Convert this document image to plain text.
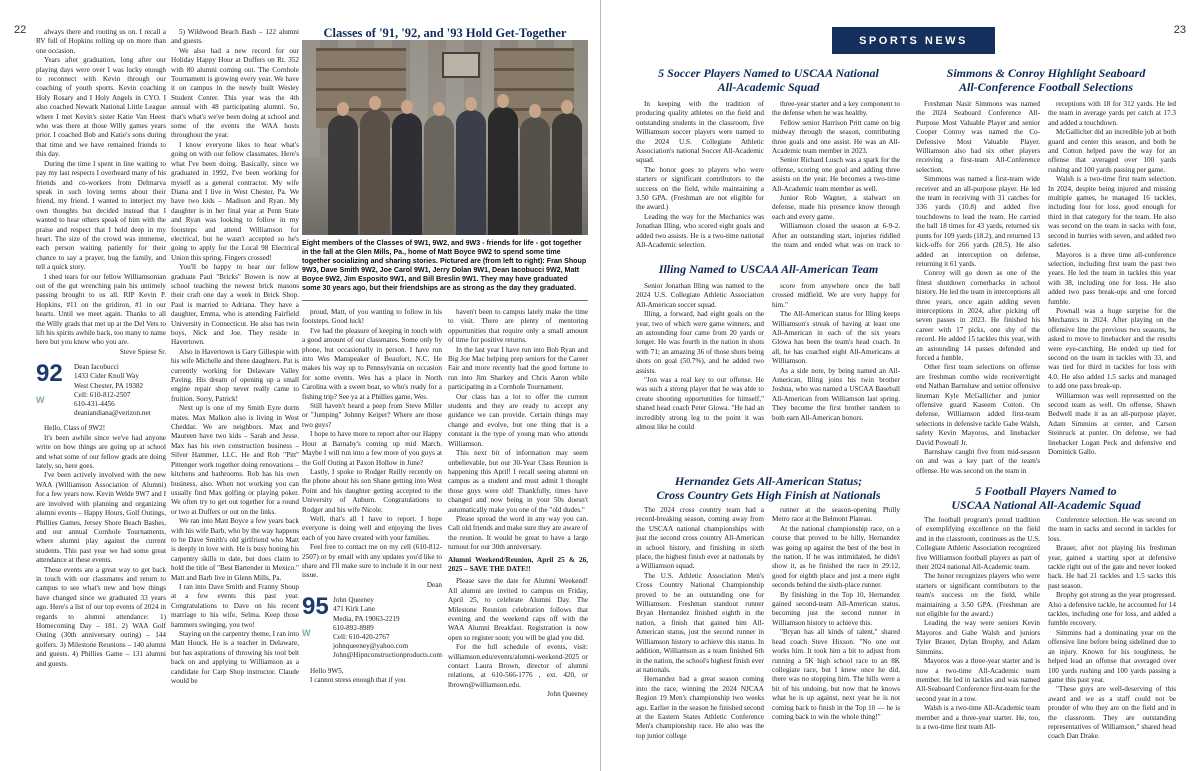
22	always there and rooting us on. I recall a RV full of Hopkins rolling up on more than one occasion.

Years after graduation, long after our playing days were over I was lucky enough to reconnect with Kevin through our coaching of youth sports. Kevin coaching Holy Rosary and I Holy Angels in CYO. I also coached Newark National Little League where I met Kevin's sister Katie Van Heest who was there at those Willy games years prior. I coached Bob and Katie's sons during that time and we have remained friends to this day.

During the time I spent in line waiting to pay my last respects I overheard many of his friends and co-workers from Delmarva speak in such loving terms about their friend, my friend. I wanted to interject my own thoughts but decided instead that I wanted to hear others speak of him with the praise and respect that I hold deep in my heart. The size of the crowd was immense, each person waiting patiently for their chance to say a prayer, hug the family, and tell a quick story.

I shed tears for our fellow Williamsonian out of the gut wrenching pain his untimely passing brought to us all. RIP Kevin P. Hopkins, #11 on the gridiron, #1 in our hearts. Until we meet again. Thanks to all the Willy grads that met up at the Del Vets to lift his spirits awhile back, too many to name here but you know who you are.

Steve Spiese Sr.

92
W
Dean Iacobucci
1433 Cider Knoll Way
West Chester, PA 19382
Cell: 610-812-2507
610-431-4456
deaniandiana@verizon.net

Hello, Class of 9W2!

It's been awhile since we've had anyone write on how things are going up at school and what some of our fellow grads are doing lately, so, here goes.

I've been actively involved with the new WAA (Williamson Association of Alumni) for a few years now. Kevin Welde 9W7 and I are involved with planning and organizing alumni events – Happy Hours, Golf Outings, Phillies Games, Jersey Shore Beach Bashes, and our annual Cornhole Tournaments, where alumni play against the current students. This past year we had some great attendance at these events.

These events are a great way to get back in touch with our classmates and return to campus to see what's new and how things have changed since we graduated 33 years ago. Here's a list of our top events of 2024 in regards to alumni attendance: 1) Homecoming Day – 181. 2) WAA Golf Outing (30th anniversary outing) – 144 golfers. 3) Milestone Reunions – 140 alumni and guests. 4) Phillies Game – 131 alumni and guests.

5) Wildwood Beach Bash – 122 alumni and guests.

We also had a new record for our Holiday Happy Hour at Duffers on Rt. 352 with 80 alumni coming out. The Cornhole Tournament is growing every year. We have it on campus in the newly built Wesley Student Center. This year was the 4th annual with 48 participating alumni. So, that's what's we've been doing at school and some of the events the WAA hosts throughout the year.

I know everyone likes to hear what's going on with our fellow classmates. Here's what I've been doing. Basically, since we graduated in 1992, I've been working for myself as a general contractor. My wife Diana and I live in West Chester, Pa. We have two kids – Madison and Ryan. My daughter is in her final year at Penn State and Ryan was looking to follow in my footsteps and attend Williamson for electrical, but he wasn't accepted so he's going to apply for the Local 98 Electrical Union this spring. Fingers crossed!

You'll be happy to hear our fellow graduate Paul "Bricks" Bowen is now at school teaching the newest brick masons their craft one day a week in Brick Shop. Paul is married to Adriana. They have a daughter, Emma, who is attending Fairfield University in Connecticut. He also has twin boys, Nick and Joe. They reside in Havertown.

Also in Havertown is Gary Gillespie with his wife Michelle and three daughters. Pat is currently working for Delaware Valley Paving. His dream of opening up a small engine repair shop never really came to fruition. Sorry, Patrick!

Next up is one of my Smith Eyre dorm mates. Max Malkon also is living in West Cheddar. We are neighbors. Max and Maureen have two kids – Sarah and Jesse. Max has his own construction business – Silver Hammer, LLC. He and Rob "Pitt" Pittenger work together doing renovations – kitchens and bathrooms. Rob has his own business, also. When not working you can usually find Max golfing or playing poker. We often try to get out together for a round or two at Duffers or out on the links.

We ran into Matt Boyce a few years back with his wife Barb, who by the way happens to be Dave Smith's old girlfriend who Matt is deeply in love with. He is busy honing his carpentry skills to date, but does claim to hold the title of "Best Bartender in Mexico." Matt and Barb live in Glenn Mills, Pa.

I ran into Dave Smith and Franny Shoup at a few events this past year. Congratulations to Dave on his recent marriage to his wife, Selma. Keep those hammers swinging, you two!

Staying on the carpentry theme, I ran into Matt Houck. He is a teacher in Delaware, but has aspirations of throwing his tool belt back on and applying to Williamson as a candidate for Carp Shop instructor. Claude would be

Classes of '91, '92, and '93 Hold Get-Together
Eight members of the Classes of 9W1, 9W2, and 9W3 - friends for life - got together in the fall at the Glen Mills, Pa., home of Matt Boyce 9W2 to spend some time together socializing and sharing stories. Pictured are (from left to right): Fran Shoup 9W3, Dave Smith 9W2, Joe Carol 9W1, Jerry Dolan 9W1, Dean Iacobucci 9W2, Matt Boyce 9W2, Jim Esposito 9W1, and Bill Breslin 9W1. They may have graduated some 30 years ago, but their friendships are as strong as the day they graduated.

proud, Matt, of you wanting to follow in his footsteps. Good luck!

I've had the pleasure of keeping in touch with a good amount of our classmates. Some only by phone, but occasionally in person. I have run into Wes Manspeaker of Beaufort, N.C. He makes his way up to Pennsylvania on occasion for some events. Wes has a place in North Carolina with a sweet boat, so who's ready for a fishing trip? See ya at a Phillies game, Wes.

Still haven't heard a peep from Steve Miller or "Jumping" Johnny Keiper? Where are those two guys?

I hope to have more to report after our Happy Hour at Barnaby's coming up mid March. Maybe I will run into a few more of you guys at the Golf Outing at Paxon Hollow in June?

Lastly, I spoke to Rodger Reilly recently on the phone about his son Shane getting into West Point and his daughter getting accepted to the University of Auburn. Congratulations to Rodger and his wife Nicole.

Well, that's all I have to report. I hope everyone is doing well and enjoying the lives each of you have created with your families.

Feel free to contact me on my cell (610-812-2507) or by email with any updates you'd like to share and I'll make sure to include it in our next issue.

Dean

95
W
John Queeney
471 Kirk Lane
Media, PA 19063-2219
610-892-8989
Cell: 610-420-2767
johnqueeney@yahoo.com
John@Hipnconstructionproducts.com

Hello 9W5,

I cannot stress enough that if you

haven't been to campus lately make the time to visit. There are plenty of mentoring opportunities that require only a small amount of time for positive returns.

In the last year I have run into Bob Ryan and Big Joe Mac helping prep seniors for the Career Fair and more recently had the good fortune to run into Jim Sharkey and Chris Aaron while participating in a Cornhole Tournament.

Our class has a lot to offer the current students and they are ready to accept any guidance we can provide. Certain things may change and evolve, but one thing that is a constant is the type of young man who attends Williamson.

This next bit of information may seem unbelievable, but our 30-Year Class Reunion is happening this April! I recall seeing alumni on campus as a student and must admit I thought those guys were old! Thankfully, times have changed and now being in your 50s doesn't automatically make you one of the "old dudes."

Please spread the word in any way you can. Call old friends and make sure they are aware of the reunion. It would be great to have a large turnout for our 30th anniversary.

Alumni Weekend/Reunion, April 25 & 26, 2025 – SAVE THE DATE!!

Please save the date for Alumni Weekend! All alumni are invited to campus on Friday, April 25, to celebrate Alumni Day. The Milestone Reunion celebration follows that evening and the weekend caps off with the WAA Alumni Breakfast. Registration is now open so register soon; you will be glad you did.

For the full schedule of events, visit: williamson.edu/events/alumni-weekend-2025 or contact Laura Brown, director of alumni relations, at 610-566-1776 , ext. 420, or lbrown@williamson.edu.

John Queeney

23
SPORTS NEWS
5 Soccer Players Named to USCAA National
All-Academic Squad

In keeping with the tradition of producing quality athletes on the field and outstanding students in the classroom, five Williamson soccer players were named to the 2024 U.S. Collegiate Athletic Association's national Soccer All-Academic squad.

The honor goes to players who were starters or significant contributors to the success on the field, while maintaining a 3.50 GPA. (Freshman are not eligible for the award.)

Leading the way for the Mechanics was Jonathan Illing, who scored eight goals and added two assists. He is a two-time national All-Academic selection.

three-year starter and a key component to the defense when he was healthy.

Fellow senior Harrison Pritt came on big midway through the season, contributing three goals and one assist. He was an All-Academic team member in 2023.

Senior Richard Lusch was a spark for the offense, scoring one goal and adding three assists on the year. He becomes a two-time All-Academic team member as well.

Junior Rob Wagner, a stalwart on defense, made his presence know through each and every game.

Williamson closed the season at 6-9-2. After an outstanding start, injuries riddled the team and ended what was on track to

Illing Named to USCAA All-American Team

Senior Jonathan Illing was named to the 2024 U.S. Collegiate Athletic Association All-American soccer squad.

Illing, a forward, had eight goals on the year, two of which were game winners, and an astounding four came from 20 yards or longer. He was fourth in the nation in shots with 71; an amazing 36 of those shots being shots on goal (50.7%), and he added two assists.

"Jon was a real key to our offense. He was such a strong player that he was able to create shooting opportunities for himself," shared head coach Peter Glowa. "He had an incredibly strong leg to the point it was almost like he could

score from anywhere once the ball crossed midfield. We are very happy for him."

The All-American status for Illing keeps Williamson's streak of having at least one All-American in each of the six years Glowa has been the team's head coach. In all, he has coached eight All-Americans at Williamson.

As a side note, by being named an All-American, Illing joins his twin brother Joshua, who was named a USCAA Baseball All-American from Williamson last spring. They become the first brother tandem to both earn All-American honors.

Hernandez Gets All-American Status;
Cross Country Gets High Finish at Nationals

The 2024 cross country team had a record-breaking season, coming away from the USCAA national championships with just the second cross country All-American in school history, and finishing in sixth place, the highest finish ever at nationals by a Williamson squad.

The U.S. Athletic Association Men's Cross Country National Championship proved to be an outstanding one for Williamson. Freshman standout runner Bryan Hernandez finished eighth in the nation, a finish that gained him All-American status, just the second runner in Williamson history to achieve this status. In addition, Williamson as a team finished 6th in the nation, the school's highest finish ever at nationals.

Hernandez had a great season coming into the race, winning the 2024 NJCAA Region 19 Men's championship two weeks ago. Earlier in the season he finished second at the Eastern States Athletic Conference Men's championship race. He also was the top junior college

runner at the season-opening Philly Metro race at the Belmont Plateau.

At the national championship race, on a course that proved to be hilly, Hernandez was going up against the best of the best in the nation. If he was intimidated, he didn't show it, as he finished the race in 29:12, good for eighth place and just a mere eight seconds behind the sixth-place runner.

By finishing in the Top 10, Hernandez gained second-team All-American status, becoming just the second runner in Williamson history to achieve this.

"Bryan has all kinds of talent," shared head coach Steve Hixson. "No one out works him. It took him a bit to adjust from running a 5K high school race to an 8K collegiate race, but I knew once he did, there was no stopping him. The hills were a bit of his undoing, but now that he knows what he is up against, next year he is not coming back to finish in the Top 10 — he is coming back to win the whole thing!"

Simmons & Conroy Highlight Seaboard
All-Conference Football Selections

Freshman Nasir Simmons was named the 2024 Seaboard Conference All-Purpose Most Valuable Player and senior Cooper Conroy was named the Co-Defensive Most Valuable Player. Williamson also had six other players receiving a first-team All-Conference selection.

Simmons was named a first-team wide receiver and an all-purpose player. He led the team in receiving with 31 catches for 336 yards (10.8) and added five touchdowns to lead the team. He carried the ball 18 times for 43 yards, returned six punts for 109 yards (18.2), and returned 13 kick-offs for 266 yards (20.5). He also added an interception on defense, returning it 61 yards.

Conroy will go down as one of the finest shutdown cornerbacks in school history. He led the team in interceptions all three years, once again adding seven interceptions in 2024, after picking off seven passes in 2023. He finished his career with 17 picks, one shy of the record. He added 15 tackles this year, with an astounding 14 passes defended and forced a fumble.

Other first team selections on offense are freshman combo wide receiver/tight end Nathan Barnshaw and senior offensive lineman Kyle McGallicher and junior offensive guard Kaseem Cotton. On defense, Williamson added first-team selections in defensive tackle Gabe Walsh, safety Kevin Mayoros, and linebacker David Pownall Jr.

Barnshaw caught five from mid-season on and was a key part of the team's offense. He was second on the team in

receptions with 18 for 312 yards. He led the team in average yards per catch at 17.3 and added a touchdown.

McGallicher did an incredible job at both guard and center this season, and both he and Cotton helped pave the way for an offense that averaged over 100 yards rushing and 100 yards passing per game.

Walsh is a two-time first team selection. In 2024, despite being injured and missing multiple games, he managed 16 tackles, including four for loss, good enough for third in that category for the team. He also was second on the team in sacks with four, second in hurries with seven, and added two safeties.

Mayoros is a three time all-conference selection, including first team the past two years. He led the team in tackles this year with 38, including one for loss. He also added two pass break-ups and one forced fumble.

Pownall was a huge surprise for the Mechanics in 2024. After playing on the offensive line the previous two seasons, he asked to move to linebacker and the results were eye-catching. He ended up tied for second on the team in tackles with 33, and was tied for third in tackles for loss with 4.0. He also added 1.5 sacks and managed to add one pass break-up.

Williamson was well represented on the second team as well. On offense, Shawn Bedwell made it as an all-purpose player, Adam Simmins at center, and Carson Steinruck at punter. On defense, we had linebacker Logan Peck and defensive end Dominick Gallo.

5 Football Players Named to
USCAA National All-Academic Squad

The football program's proud tradition of exemplifying excellence on the field and in the classroom, continues as the U.S. Collegiate Athletic Association recognized five Williamson football players as part of their 2024 national All-Academic team.

The honor recognizes players who were starters or significant contributors to the team's success on the field, while maintaining a 3.50 GPA. (Freshman are not eligible for the award.)

Leading the way were seniors Kevin Mayoros and Gabe Walsh and juniors Tyler Brauer, Dylan Brophy, and Adam Simmins.

Mayoros was a three-year starter and is now a two-time All-Academic team member. He led in tackles and was named All-Seaboard Conference first-team for the second year in a row.

Walsh is a two-time All-Academic team member and a three-year starter. He, too, is a two-time first team All-

Conference selection. He was second on the team in sacks and second in tackles for loss.

Brauer, after not playing his freshman year, gained a starting spot at defensive tackle right out of the gate and never looked back. He had 21 tackles and 1.5 sacks this past season.

Brophy got strong as the year progressed. Also a defensive tackle, he accounted for 14 tackles, including one for loss, and added a fumble recovery.

Simmins had a dominating year on the offensive line before being sidelined due to an injury. Known for his toughness, he helped lead an offense that averaged over 100 yards rushing and 100 yards passing a game this past year.

"These guys are well-deserving of this award and we as a staff could not be prouder of who they are on the field and in the classroom. They are outstanding representatives of Williamson," shared head coach Dan Drake.
